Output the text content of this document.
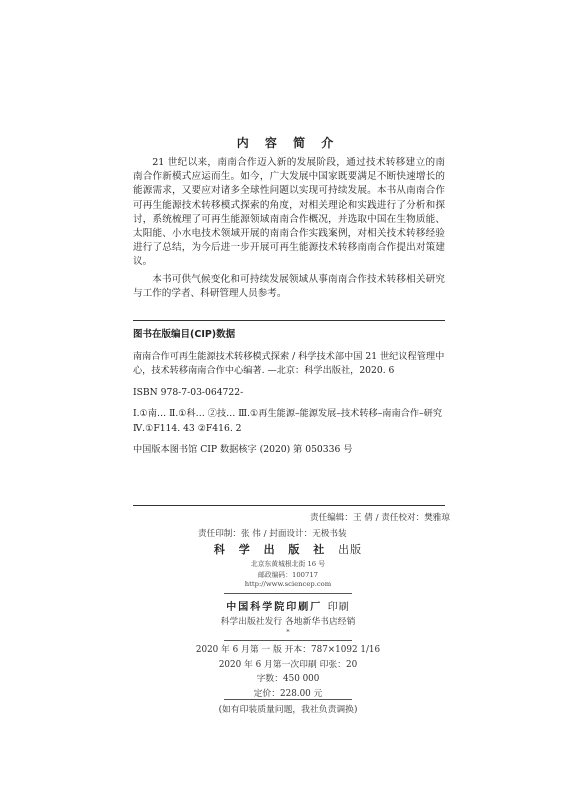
内 容 简 介

21 世纪以来，南南合作迈入新的发展阶段，通过技术转移建立的南南合作新模式应运而生。如今，广大发展中国家既要满足不断快速增长的能源需求，又要应对诸多全球性问题以实现可持续发展。本书从南南合作可再生能源技术转移模式探索的角度，对相关理论和实践进行了分析和探讨，系统梳理了可再生能源领域南南合作概况，并选取中国在生物质能、太阳能、小水电技术领域开展的南南合作实践案例，对相关技术转移经验进行了总结，为今后进一步开展可再生能源技术转移南南合作提出对策建议。

本书可供气候变化和可持续发展领域从事南南合作技术转移相关研究与工作的学者、科研管理人员参考。

图书在版编目(CIP)数据
南南合作可再生能源技术转移模式探索 / 科学技术部中国 21 世纪议程管理中心，技术转移南南合作中心编著. —北京：科学出版社，2020. 6
ISBN 978-7-03-064722-
Ⅰ.①南… Ⅱ.①科… ②技… Ⅲ.①再生能源–能源发展–技术转移–南南合作–研究 Ⅳ.①F114. 43 ②F416. 2
中国版本图书馆 CIP 数据核字 (2020) 第 050336 号
责任编辑：王 倩 / 责任校对：樊雅琼
责任印制：张 伟 / 封面设计：无极书装
科 学 出 版 社 出版
北京东黄城根北街 16 号
邮政编码：100717
http://www.sciencep.com
中国科学院印刷厂 印刷
科学出版社发行 各地新华书店经销
*
2020 年 6 月第 一 版 开本：787×1092 1/16
2020 年 6 月第一次印刷 印张：20
字数：450 000
定价：228.00 元
(如有印装质量问题，我社负责调换)
